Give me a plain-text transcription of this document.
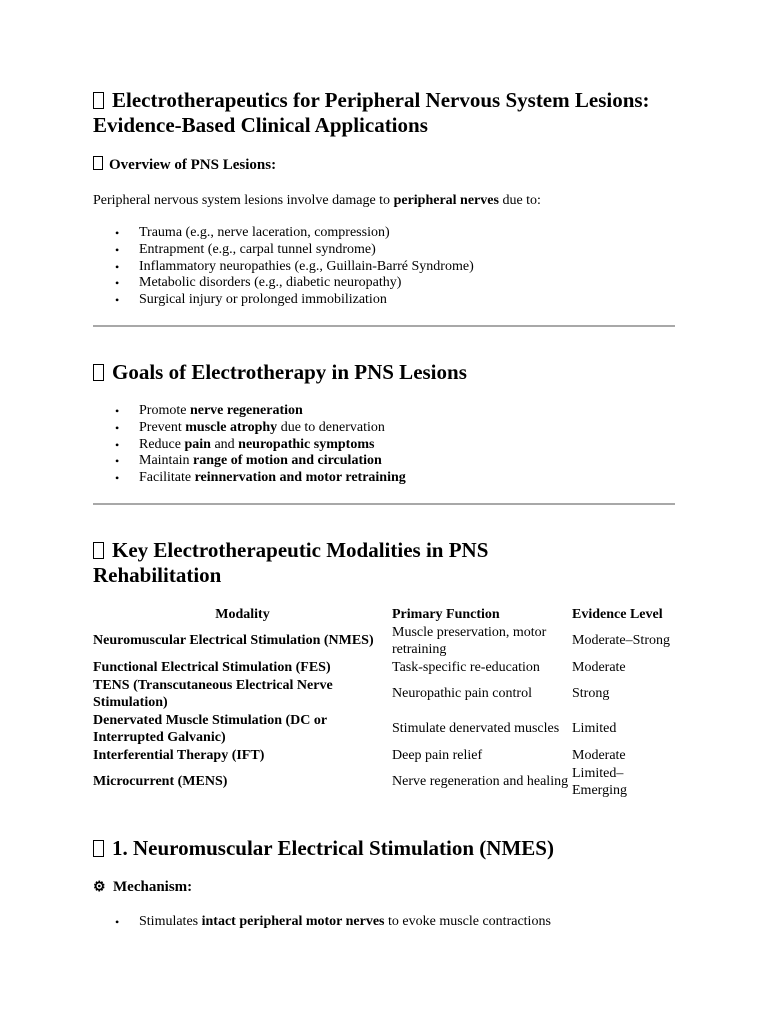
Electrotherapeutics for Peripheral Nervous System Lesions: Evidence-Based Clinical Applications
Overview of PNS Lesions:

Peripheral nervous system lesions involve damage to peripheral nerves due to:

• Trauma (e.g., nerve laceration, compression)
• Entrapment (e.g., carpal tunnel syndrome)
• Inflammatory neuropathies (e.g., Guillain-Barré Syndrome)
• Metabolic disorders (e.g., diabetic neuropathy)
• Surgical injury or prolonged immobilization
Goals of Electrotherapy in PNS Lesions
• Promote nerve regeneration
• Prevent muscle atrophy due to denervation
• Reduce pain and neuropathic symptoms
• Maintain range of motion and circulation
• Facilitate reinnervation and motor retraining
Key Electrotherapeutic Modalities in PNS Rehabilitation
Modality	Primary Function	Evidence Level
Neuromuscular Electrical Stimulation (NMES)	Muscle preservation, motor retraining	Moderate–Strong
Functional Electrical Stimulation (FES)	Task-specific re-education	Moderate
TENS (Transcutaneous Electrical Nerve Stimulation)	Neuropathic pain control	Strong
Denervated Muscle Stimulation (DC or Interrupted Galvanic)	Stimulate denervated muscles	Limited
Interferential Therapy (IFT)	Deep pain relief	Moderate
Microcurrent (MENS)	Nerve regeneration and healing	Limited–Emerging
1. Neuromuscular Electrical Stimulation (NMES)
⚙ Mechanism:
• Stimulates intact peripheral motor nerves to evoke muscle contractions
